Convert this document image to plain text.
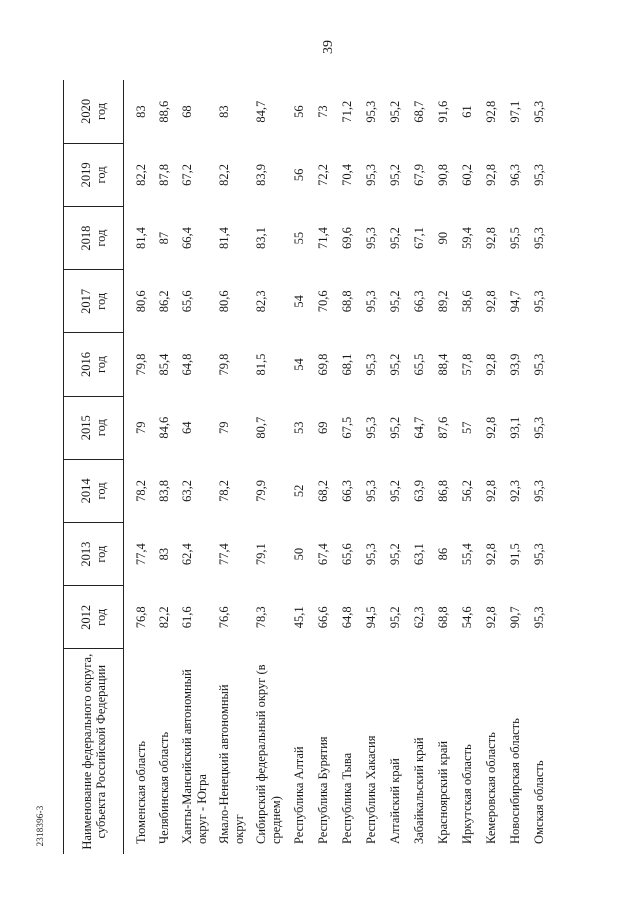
39
2318396-3	Наименование федерального округа, субъекта Российской Федерации	2012 год	2013 год	2014 год	2015 год	2016 год	2017 год	2018 год	2019 год	2020 год

Тюменская область	76,8	77,4	78,2	79	79,8	80,6	81,4	82,2	83
Челябинская область	82,2	83	83,8	84,6	85,4	86,2	87	87,8	88,6
Ханты-Мансийский автономный округ - Югра	61,6	62,4	63,2	64	64,8	65,6	66,4	67,2	68
Ямало-Ненецкий автономный округ	76,6	77,4	78,2	79	79,8	80,6	81,4	82,2	83
Сибирский федеральный округ (в среднем)	78,3	79,1	79,9	80,7	81,5	82,3	83,1	83,9	84,7
Республика Алтай	45,1	50	52	53	54	54	55	56	56
Республика Бурятия	66,6	67,4	68,2	69	69,8	70,6	71,4	72,2	73
Республика Тыва	64,8	65,6	66,3	67,5	68,1	68,8	69,6	70,4	71,2
Республика Хакасия	94,5	95,3	95,3	95,3	95,3	95,3	95,3	95,3	95,3
Алтайский край	95,2	95,2	95,2	95,2	95,2	95,2	95,2	95,2	95,2
Забайкальский край	62,3	63,1	63,9	64,7	65,5	66,3	67,1	67,9	68,7
Красноярский край	68,8	86	86,8	87,6	88,4	89,2	90	90,8	91,6
Иркутская область	54,6	55,4	56,2	57	57,8	58,6	59,4	60,2	61
Кемеровская область	92,8	92,8	92,8	92,8	92,8	92,8	92,8	92,8	92,8
Новосибирская область	90,7	91,5	92,3	93,1	93,9	94,7	95,5	96,3	97,1
Омская область	95,3	95,3	95,3	95,3	95,3	95,3	95,3	95,3	95,3
